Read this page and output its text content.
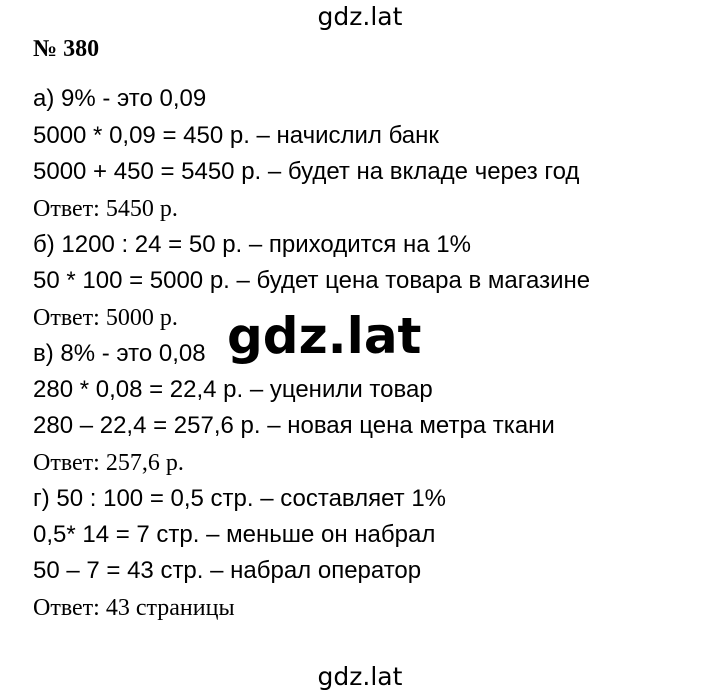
gdz.lat
№ 380
а) 9% - это 0,09
5000 * 0,09 = 450 р. – начислил банк
5000 + 450 = 5450 р. – будет на вкладе через год
Ответ: 5450 р.
б) 1200 : 24 = 50 р. – приходится на 1%
50 * 100 = 5000 р. – будет цена товара в магазине
Ответ: 5000 р.
в) 8% - это 0,08
280 * 0,08 = 22,4 р. – уценили товар
280 – 22,4 = 257,6 р. – новая цена метра ткани
Ответ: 257,6 р.
г) 50 : 100 = 0,5 стр. – составляет 1%
0,5* 14 = 7 стр. – меньше он набрал
50 – 7 = 43 стр. – набрал оператор
Ответ: 43 страницы
gdz.lat
gdz.lat
